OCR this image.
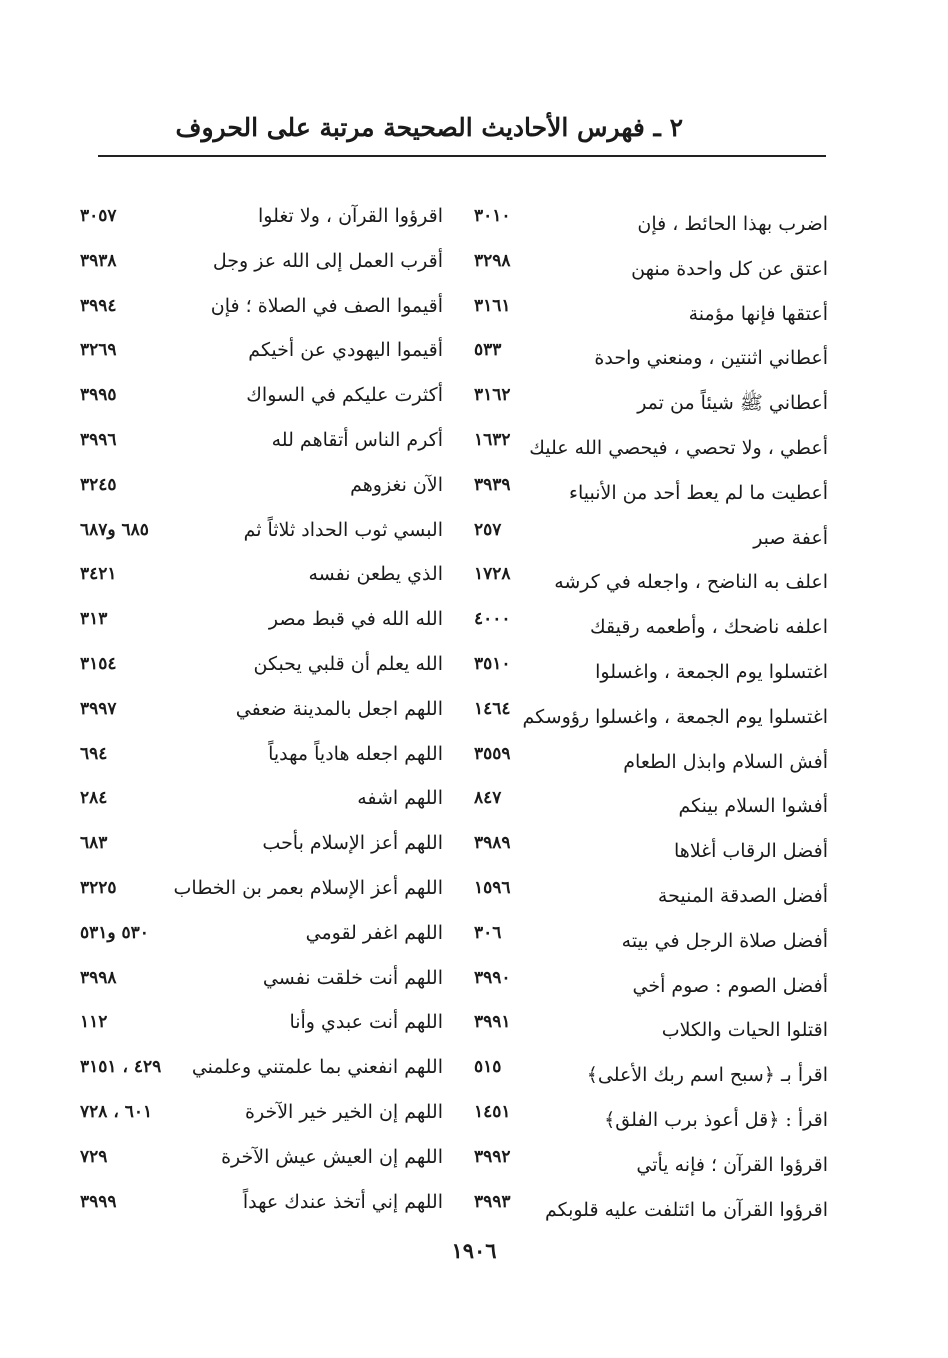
٢ ـ فهرس الأحاديث الصحيحة مرتبة على الحروف
اضرب بهذا الحائط ، فإن
٣٠١٠
اقرؤوا القرآن ، ولا تغلوا
٣٠٥٧
اعتق عن كل واحدة منهن
٣٢٩٨
أقرب العمل إلى الله عز وجل
٣٩٣٨
أعتقها فإنها مؤمنة
٣١٦١
أقيموا الصف في الصلاة ؛ فإن
٣٩٩٤
أعطاني اثنتين ، ومنعني واحدة
٥٣٣
أقيموا اليهودي عن أخيكم
٣٢٦٩
أعطاني ﷺ شيئاً من تمر
٣١٦٢
أكثرت عليكم في السواك
٣٩٩٥
أعطي ، ولا تحصي ، فيحصي الله عليك
١٦٣٢
أكرم الناس أتقاهم لله
٣٩٩٦
أعطيت ما لم يعط أحد من الأنبياء
٣٩٣٩
الآن نغزوهم
٣٢٤٥
أعفة صبر
٢٥٧
البسي ثوب الحداد ثلاثاً ثم
٦٨٥ و٦٨٧
اعلف به الناضح ، واجعله في كرشه
١٧٢٨
الذي يطعن نفسه
٣٤٢١
اعلفه ناضحك ، وأطعمه رقيقك
٤٠٠٠
الله الله في قبط مصر
٣١٣
اغتسلوا يوم الجمعة ، واغسلوا
٣٥١٠
الله يعلم أن قلبي يحبكن
٣١٥٤
اغتسلوا يوم الجمعة ، واغسلوا رؤوسكم
١٤٦٤
اللهم اجعل بالمدينة ضعفي
٣٩٩٧
أفش السلام وابذل الطعام
٣٥٥٩
اللهم اجعله هادياً مهدياً
٦٩٤
أفشوا السلام بينكم
٨٤٧
اللهم اشفه
٢٨٤
أفضل الرقاب أغلاها
٣٩٨٩
اللهم أعز الإسلام بأحب
٦٨٣
أفضل الصدقة المنيحة
١٥٩٦
اللهم أعز الإسلام بعمر بن الخطاب
٣٢٢٥
أفضل صلاة الرجل في بيته
٣٠٦
اللهم اغفر لقومي
٥٣٠ و٥٣١
أفضل الصوم : صوم أخي
٣٩٩٠
اللهم أنت خلقت نفسي
٣٩٩٨
اقتلوا الحيات والكلاب
٣٩٩١
اللهم أنت عبدي وأنا
١١٢
اقرأ بـ ﴿سبح اسم ربك الأعلى﴾
٥١٥
اللهم انفعني بما علمتني وعلمني
٤٢٩ ، ٣١٥١
اقرأ : ﴿قل أعوذ برب الفلق﴾
١٤٥١
اللهم إن الخير خير الآخرة
٦٠١ ، ٧٢٨
اقرؤوا القرآن ؛ فإنه يأتي
٣٩٩٢
اللهم إن العيش عيش الآخرة
٧٢٩
اقرؤوا القرآن ما ائتلفت عليه قلوبكم
٣٩٩٣
اللهم إني أتخذ عندك عهداً
٣٩٩٩
١٩٠٦
